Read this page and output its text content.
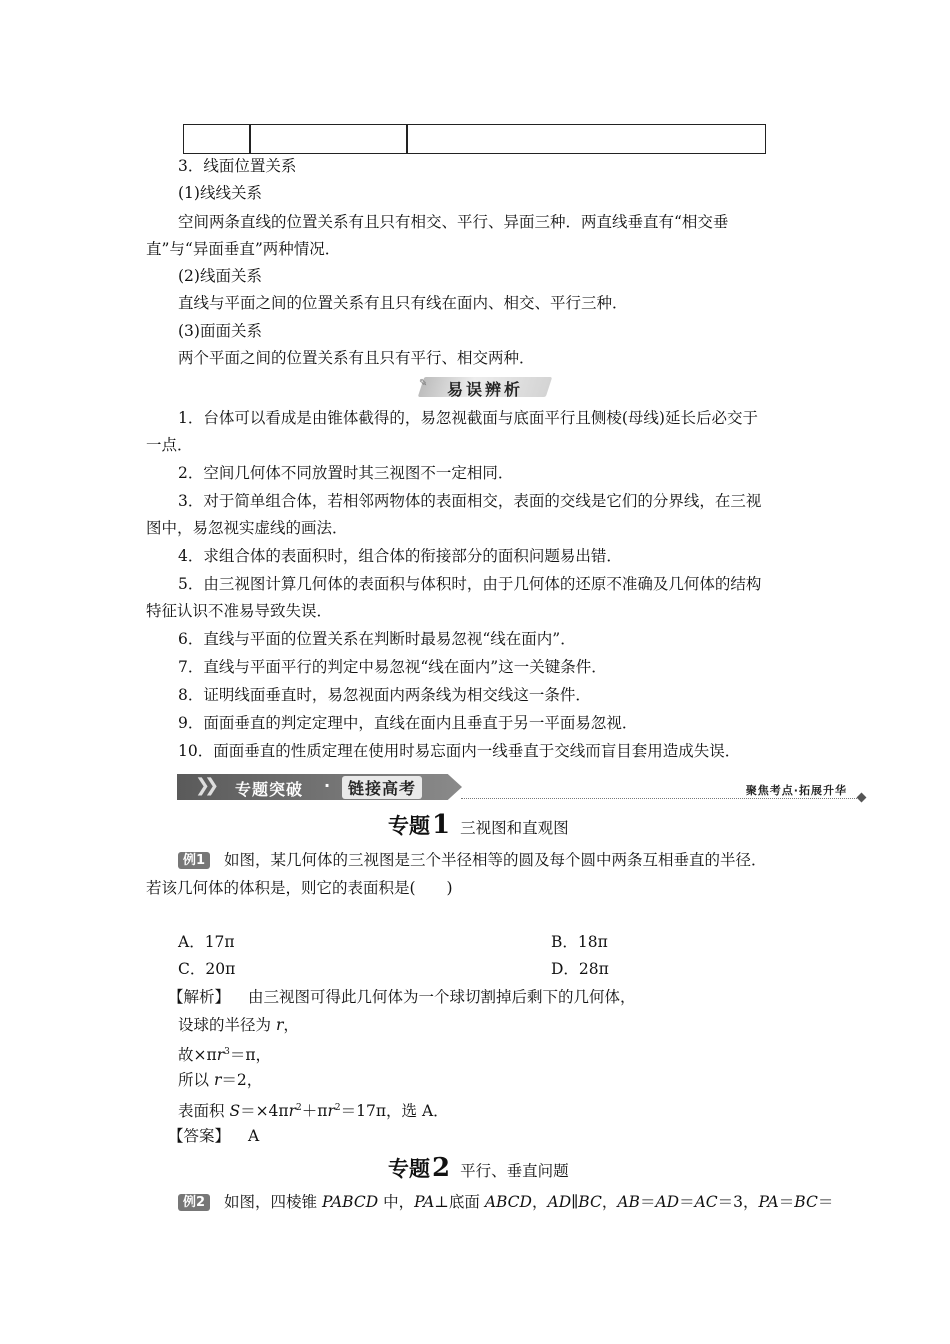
3．线面位置关系
(1)线线关系
空间两条直线的位置关系有且只有相交、平行、异面三种．两直线垂直有“相交垂
直”与“异面垂直”两种情况．
(2)线面关系
直线与平面之间的位置关系有且只有线在面内、相交、平行三种．
(3)面面关系
两个平面之间的位置关系有且只有平行、相交两种．
✎	易误辨析
1．台体可以看成是由锥体截得的，易忽视截面与底面平行且侧棱(母线)延长后必交于
一点．
2．空间几何体不同放置时其三视图不一定相同．
3．对于简单组合体，若相邻两物体的表面相交，表面的交线是它们的分界线，在三视
图中，易忽视实虚线的画法．
4．求组合体的表面积时，组合体的衔接部分的面积问题易出错．
5．由三视图计算几何体的表面积与体积时，由于几何体的还原不准确及几何体的结构
特征认识不准易导致失误．
6．直线与平面的位置关系在判断时最易忽视“线在面内”．
7．直线与平面平行的判定中易忽视“线在面内”这一关键条件．
8．证明线面垂直时，易忽视面内两条线为相交线这一条件．
9．面面垂直的判定定理中，直线在面内且垂直于另一平面易忽视．
10．面面垂直的性质定理在使用时易忘面内一线垂直于交线而盲目套用造成失误．
❯❯ 专题突破 ·	链接高考	聚焦考点·拓展升华
专题1 三视图和直观图
例1 如图，某几何体的三视图是三个半径相等的圆及每个圆中两条互相垂直的半径．
若该几何体的体积是，则它的表面积是(　　)
A．17π	B．18π
C．20π	D．28π
【解析】 由三视图可得此几何体为一个球切割掉后剩下的几何体，
设球的半径为 r，
故$\times\pi r^3=\pi$，
所以 r＝2，
表面积 $S=\times 4\pi r^2+\pi r^2=17\pi$，选 A．
【答案】 A
专题2 平行、垂直问题
例2 如图，四棱锥 PABCD 中，PA⊥底面 ABCD，AD∥BC，AB＝AD＝AC＝3，PA＝BC＝
